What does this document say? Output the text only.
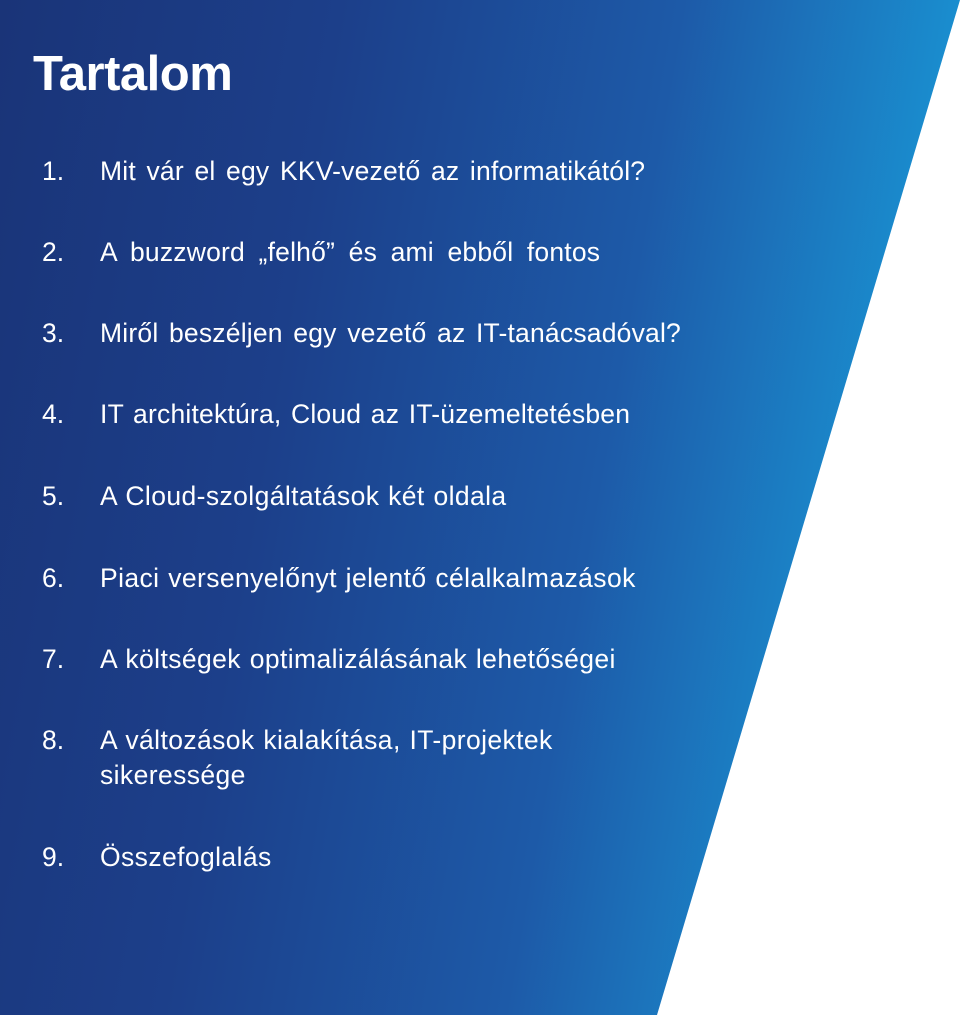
Tartalom
1. Mit vár el egy KKV-vezető az informatikától?
2. A buzzword „felhő” és ami ebből fontos
3. Miről beszéljen egy vezető az IT-tanácsadóval?
4. IT architektúra, Cloud az IT-üzemeltetésben
5. A Cloud-szolgáltatások két oldala
6. Piaci versenyelőnyt jelentő célalkalmazások
7. A költségek optimalizálásának lehetőségei
8. A változások kialakítása, IT-projektek sikeressége
9. Összefoglalás
